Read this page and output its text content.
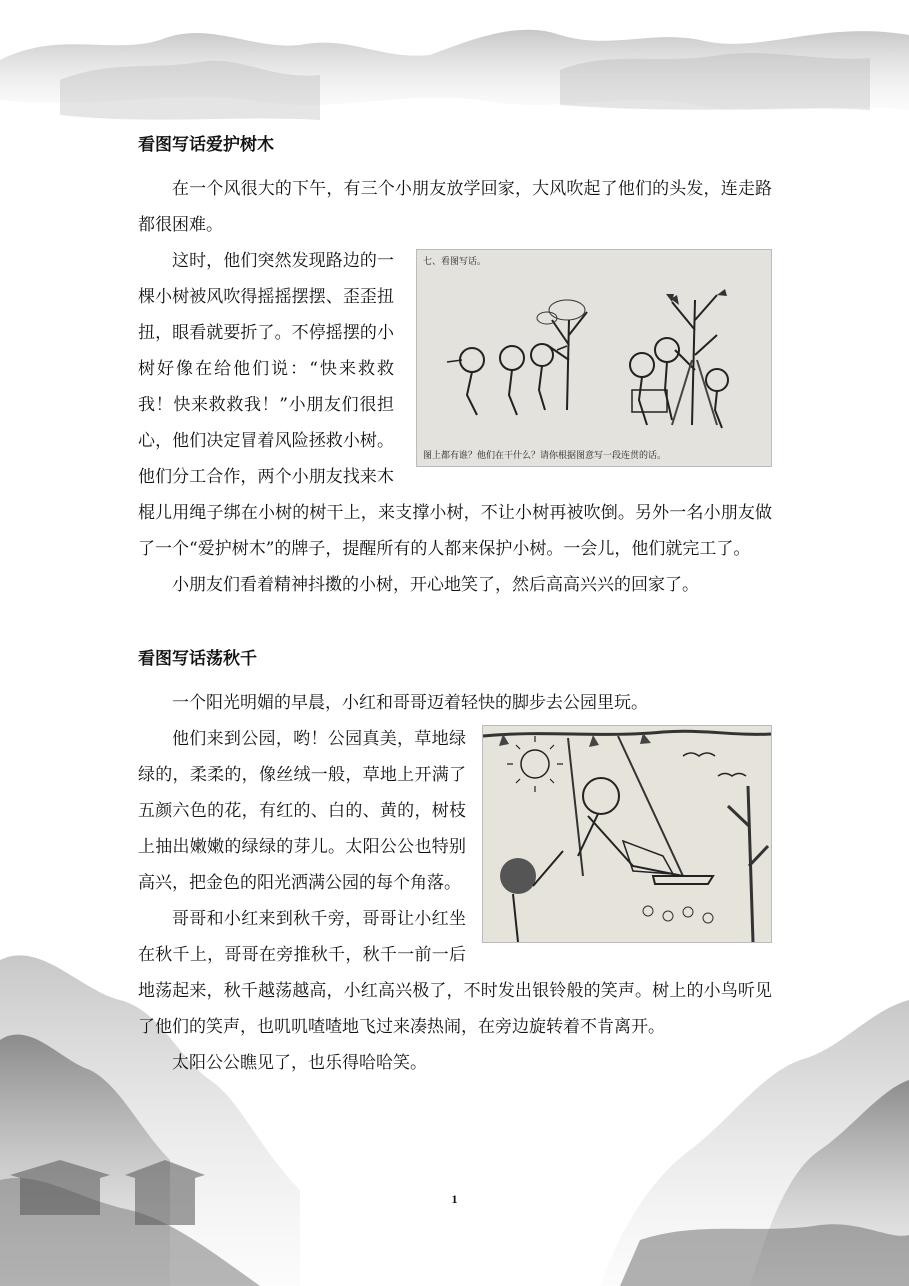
看图写话爱护树木

在一个风很大的下午，有三个小朋友放学回家，大风吹起了他们的头发，连走路都很困难。

七、看图写话。
图上都有谁？他们在干什么？请你根据图意写一段连贯的话。

这时，他们突然发现路边的一棵小树被风吹得摇摇摆摆、歪歪扭扭，眼看就要折了。不停摇摆的小树好像在给他们说：“快来救救我！快来救救我！”小朋友们很担心，他们决定冒着风险拯救小树。他们分工合作，两个小朋友找来木棍儿用绳子绑在小树的树干上，来支撑小树，不让小树再被吹倒。另外一名小朋友做了一个“爱护树木”的牌子，提醒所有的人都来保护小树。一会儿，他们就完工了。

小朋友们看着精神抖擞的小树，开心地笑了，然后高高兴兴的回家了。

看图写话荡秋千

一个阳光明媚的早晨，小红和哥哥迈着轻快的脚步去公园里玩。

他们来到公园，哟！公园真美，草地绿绿的，柔柔的，像丝绒一般，草地上开满了五颜六色的花，有红的、白的、黄的，树枝上抽出嫩嫩的绿绿的芽儿。太阳公公也特别高兴，把金色的阳光洒满公园的每个角落。

哥哥和小红来到秋千旁，哥哥让小红坐在秋千上，哥哥在旁推秋千，秋千一前一后地荡起来，秋千越荡越高，小红高兴极了，不时发出银铃般的笑声。树上的小鸟听见了他们的笑声，也叽叽喳喳地飞过来凑热闹，在旁边旋转着不肯离开。

太阳公公瞧见了，也乐得哈哈笑。

1
